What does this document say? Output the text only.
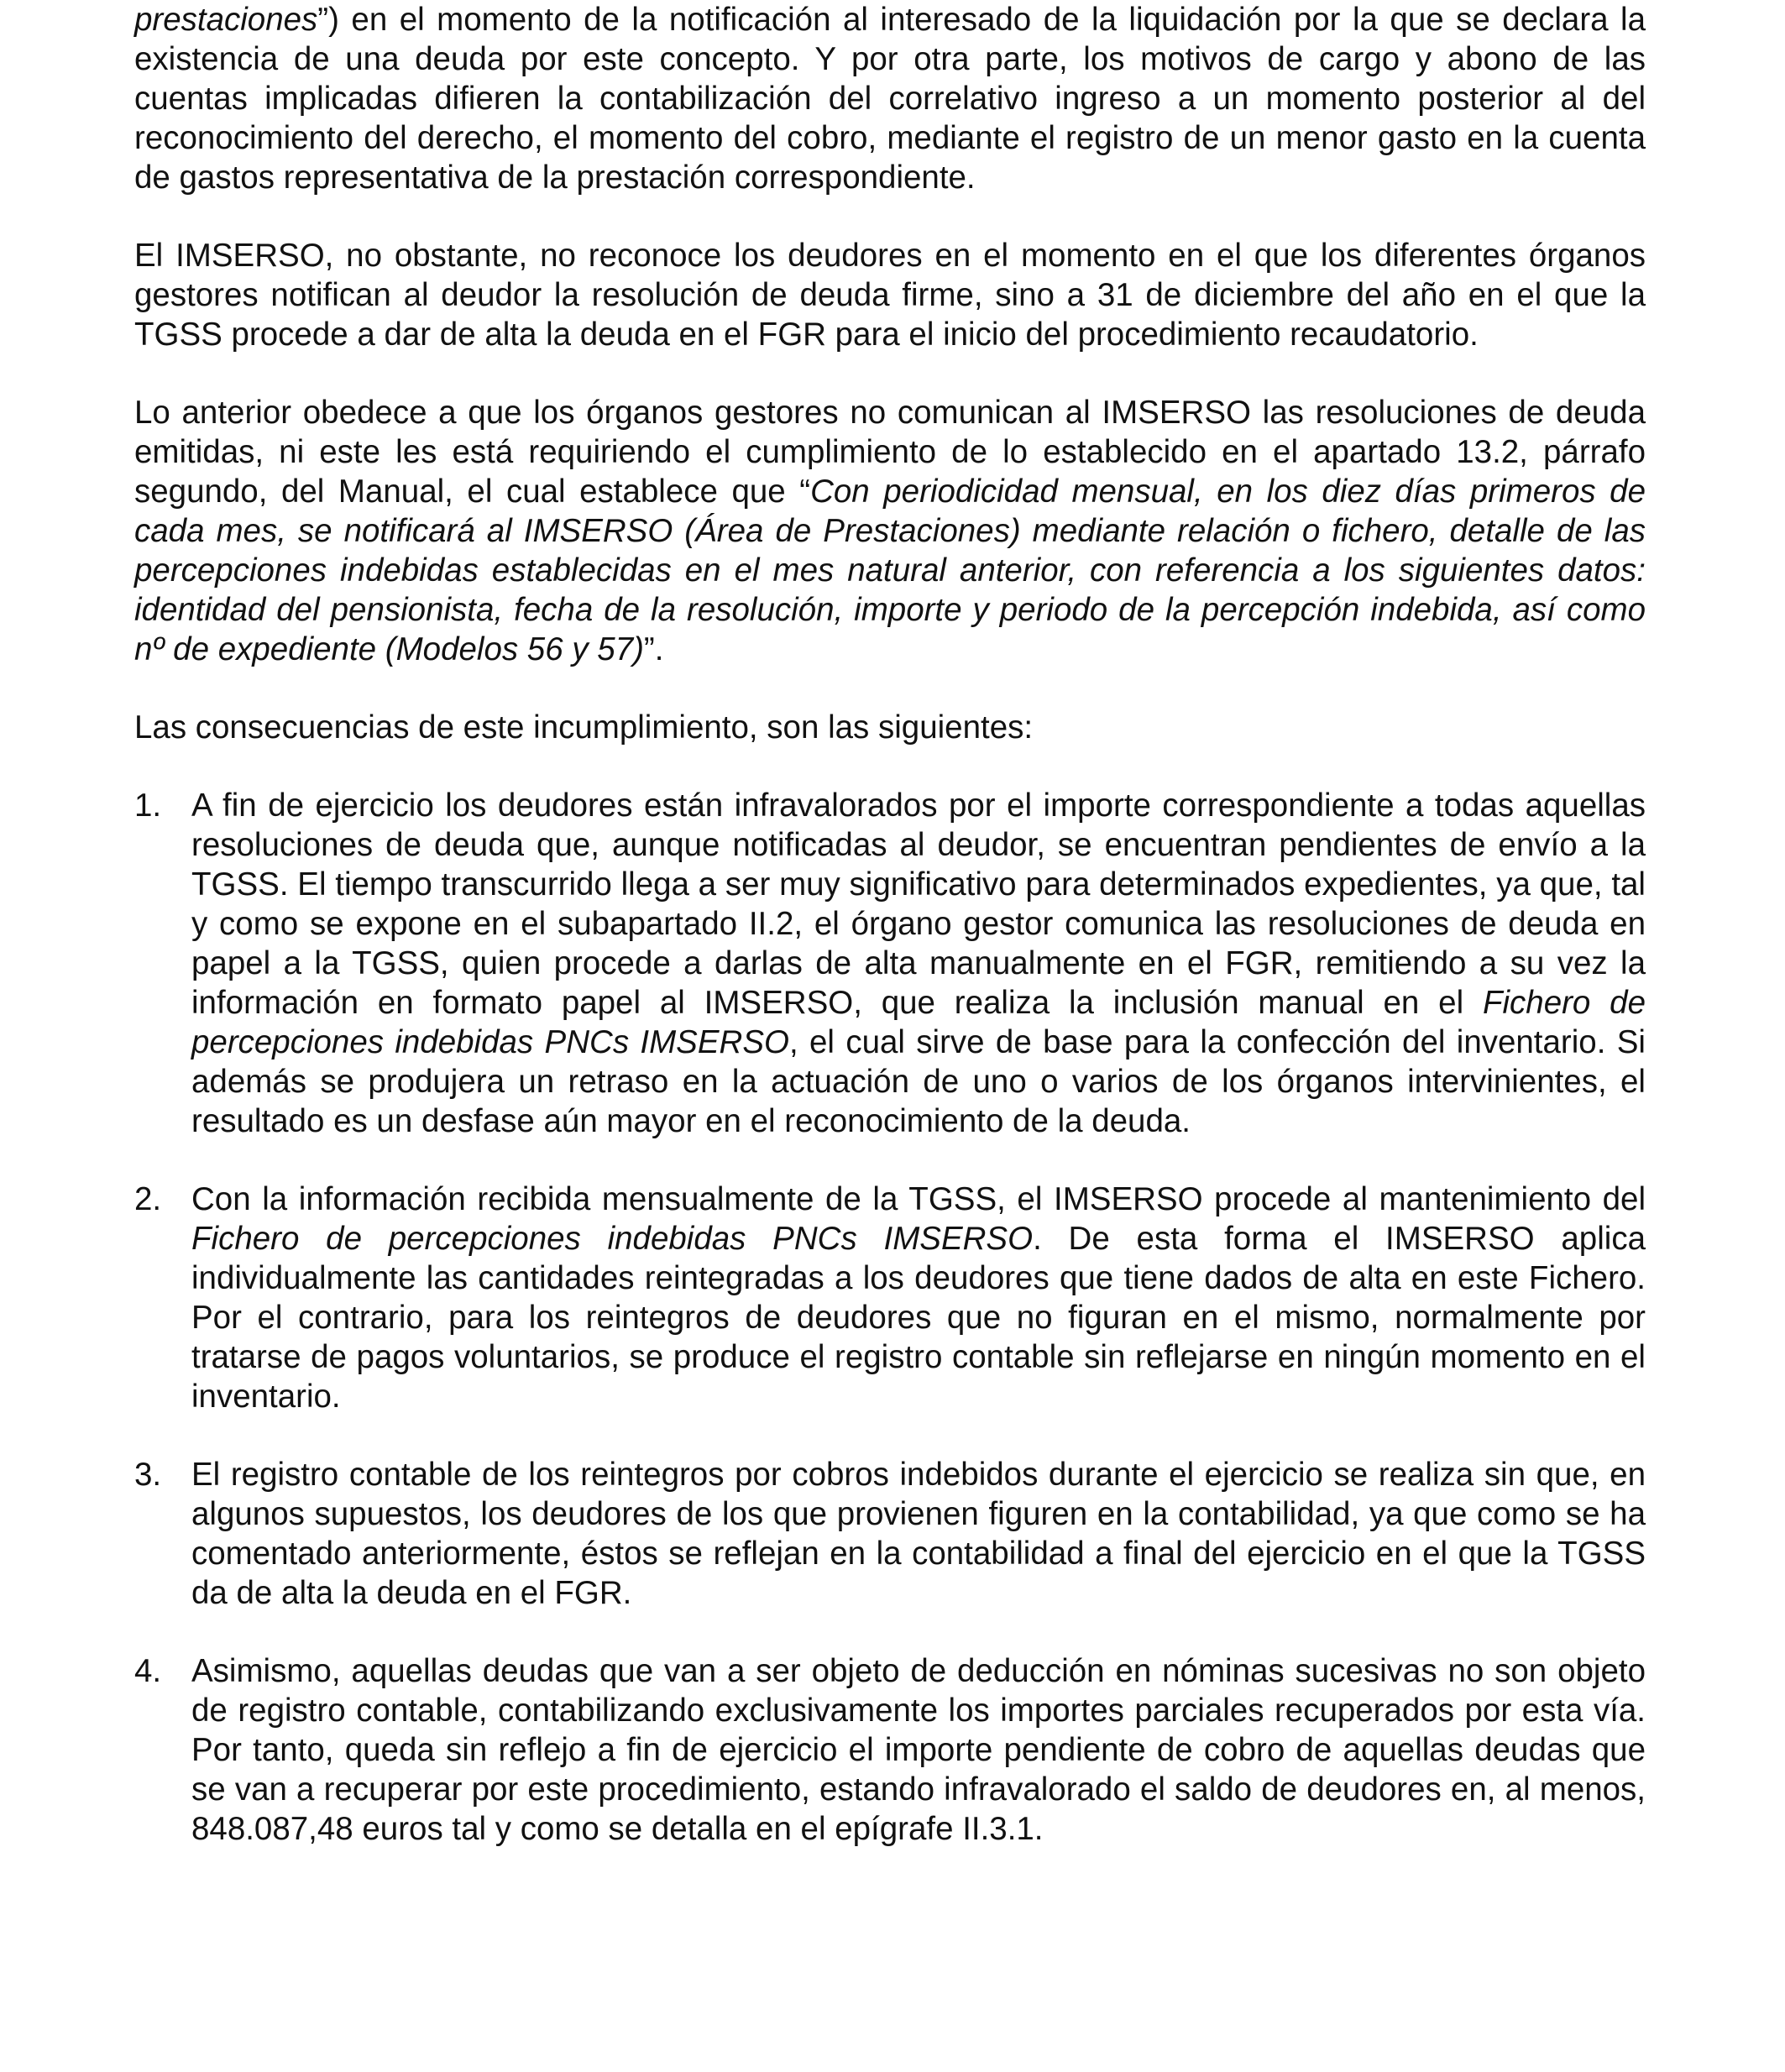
prestaciones”) en el momento de la notificación al interesado de la liquidación por la que se declara la existencia de una deuda por este concepto. Y por otra parte, los motivos de cargo y abono de las cuentas implicadas difieren la contabilización del correlativo ingreso a un momento posterior al del reconocimiento del derecho, el momento del cobro, mediante el registro de un menor gasto en la cuenta de gastos representativa de la prestación correspondiente.

El IMSERSO, no obstante, no reconoce los deudores en el momento en el que los diferentes órganos gestores notifican al deudor la resolución de deuda firme, sino a 31 de diciembre del año en el que la TGSS procede a dar de alta la deuda en el FGR para el inicio del procedimiento recaudatorio.

Lo anterior obedece a que los órganos gestores no comunican al IMSERSO las resoluciones de deuda emitidas, ni este les está requiriendo el cumplimiento de lo establecido en el apartado 13.2, párrafo segundo, del Manual, el cual establece que “Con periodicidad mensual, en los diez días primeros de cada mes, se notificará al IMSERSO (Área de Prestaciones) mediante relación o fichero, detalle de las percepciones indebidas establecidas en el mes natural anterior, con referencia a los siguientes datos: identidad del pensionista, fecha de la resolución, importe y periodo de la percepción indebida, así como nº de expediente (Modelos 56 y 57)”.

Las consecuencias de este incumplimiento, son las siguientes:

1. A fin de ejercicio los deudores están infravalorados por el importe correspondiente a todas aquellas resoluciones de deuda que, aunque notificadas al deudor, se encuentran pendientes de envío a la TGSS. El tiempo transcurrido llega a ser muy significativo para determinados expedientes, ya que, tal y como se expone en el subapartado II.2, el órgano gestor comunica las resoluciones de deuda en papel a la TGSS, quien procede a darlas de alta manualmente en el FGR, remitiendo a su vez la información en formato papel al IMSERSO, que realiza la inclusión manual en el Fichero de percepciones indebidas PNCs IMSERSO, el cual sirve de base para la confección del inventario. Si además se produjera un retraso en la actuación de uno o varios de los órganos intervinientes, el resultado es un desfase aún mayor en el reconocimiento de la deuda.
2. Con la información recibida mensualmente de la TGSS, el IMSERSO procede al mantenimiento del Fichero de percepciones indebidas PNCs IMSERSO. De esta forma el IMSERSO aplica individualmente las cantidades reintegradas a los deudores que tiene dados de alta en este Fichero. Por el contrario, para los reintegros de deudores que no figuran en el mismo, normalmente por tratarse de pagos voluntarios, se produce el registro contable sin reflejarse en ningún momento en el inventario.
3. El registro contable de los reintegros por cobros indebidos durante el ejercicio se realiza sin que, en algunos supuestos, los deudores de los que provienen figuren en la contabilidad, ya que como se ha comentado anteriormente, éstos se reflejan en la contabilidad a final del ejercicio en el que la TGSS da de alta la deuda en el FGR.
4. Asimismo, aquellas deudas que van a ser objeto de deducción en nóminas sucesivas no son objeto de registro contable, contabilizando exclusivamente los importes parciales recuperados por esta vía. Por tanto, queda sin reflejo a fin de ejercicio el importe pendiente de cobro de aquellas deudas que se van a recuperar por este procedimiento, estando infravalorado el saldo de deudores en, al menos, 848.087,48 euros tal y como se detalla en el epígrafe II.3.1.
